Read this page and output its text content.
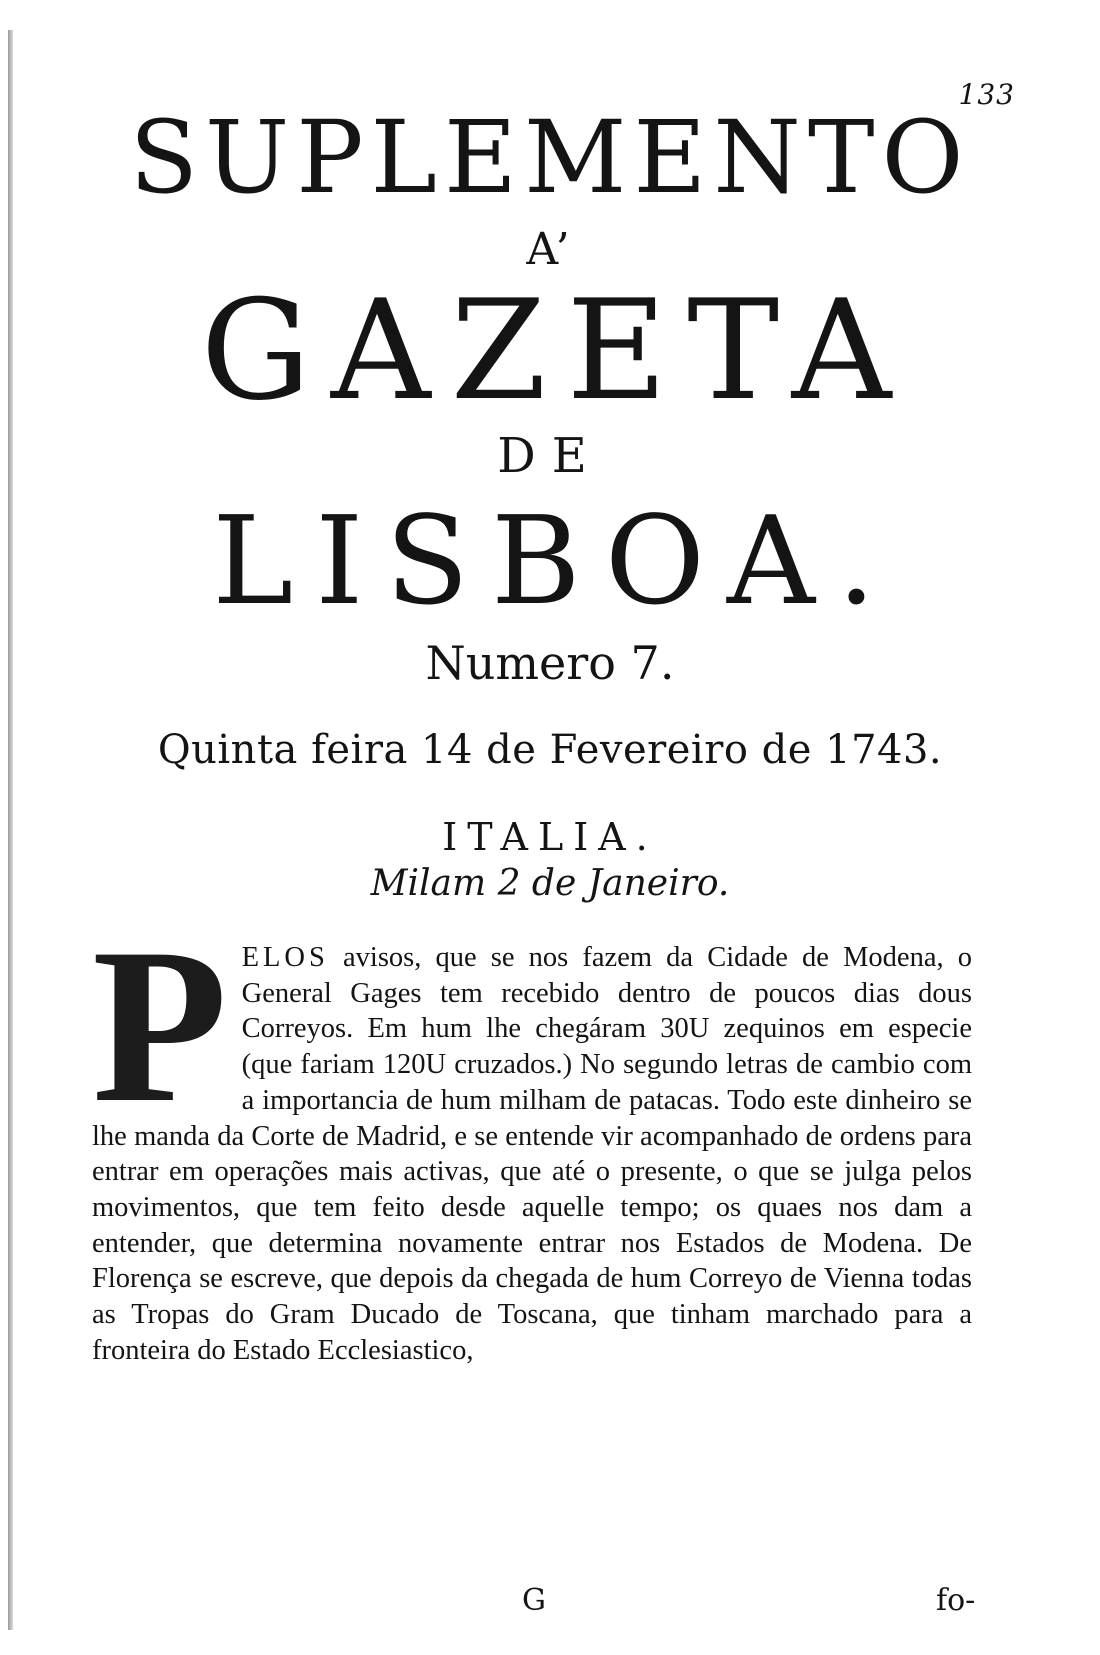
133
SUPLEMENTO
A’
GAZETA
DE
LISBOA.
Numero 7.
Quinta feira 14 de Fevereiro de 1743.
ITALIA.
Milam 2 de Janeiro.
P ELOS avisos, que se nos fazem da Cidade de Modena, o General Gages tem recebido dentro de poucos dias dous Correyos. Em hum lhe chegáram 30U zequinos em especie (que fariam 120U cruzados.) No segundo letras de cambio com a importancia de hum milham de patacas. Todo este dinheiro se lhe manda da Corte de Madrid, e se entende vir acompanhado de ordens para entrar em operações mais activas, que até o presente, o que se julga pelos movimentos, que tem feito desde aquelle tempo; os quaes nos dam a entender, que determina novamente entrar nos Estados de Modena. De Florença se escreve, que depois da chegada de hum Correyo de Vienna todas as Tropas do Gram Ducado de Toscana, que tinham marchado para a fronteira do Estado Ecclesiastico,
G	fo-
